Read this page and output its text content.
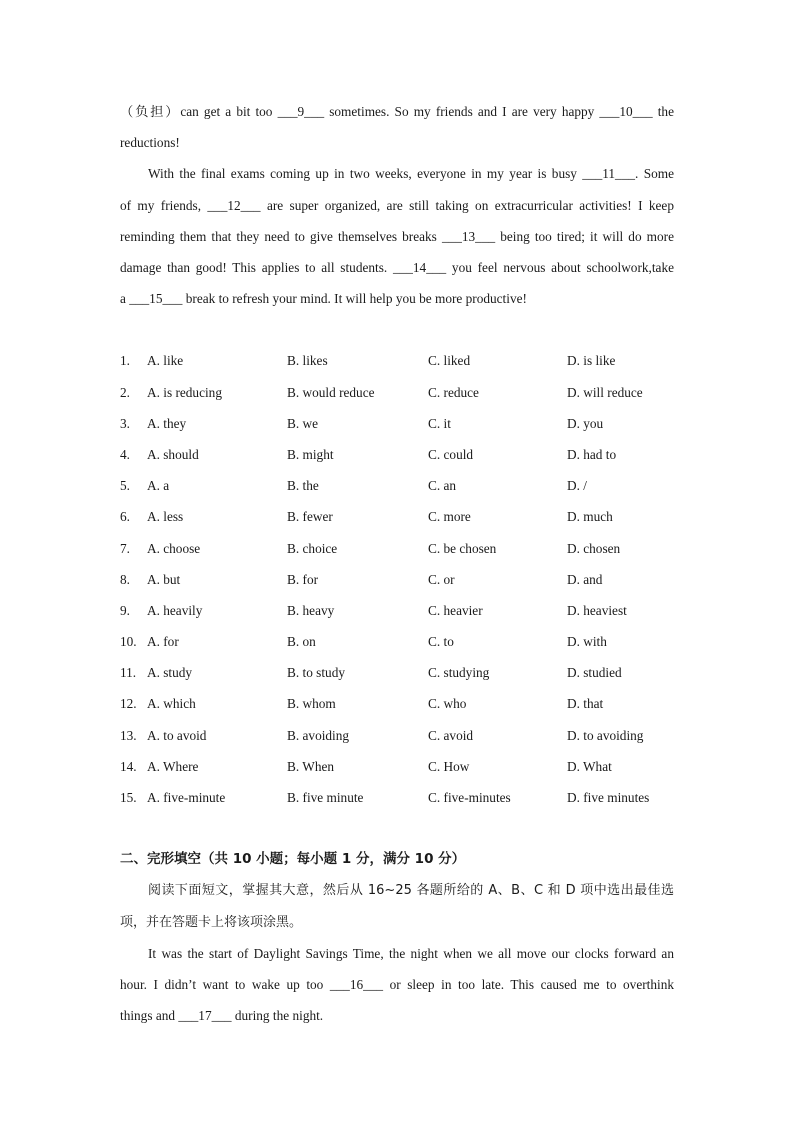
（负担）can get a bit too ___9___ sometimes. So my friends and I are very happy ___10___ the
reductions!

With the final exams coming up in two weeks, everyone in my year is busy ___11___. Some
of my friends, ___12___ are super organized, are still taking on extracurricular activities! I keep
reminding them that they need to give themselves breaks ___13___ being too tired; it will do more
damage than good! This applies to all students. ___14___ you feel nervous about schoolwork,take
a ___15___ break to refresh your mind. It will help you be more productive!

1.	A. like	B. likes	C. liked	D. is like
2.	A. is reducing	B. would reduce	C. reduce	D. will reduce
3.	A. they	B. we	C. it	D. you
4.	A. should	B. might	C. could	D. had to
5.	A. a	B. the	C. an	D. /
6.	A. less	B. fewer	C. more	D. much
7.	A. choose	B. choice	C. be chosen	D. chosen
8.	A. but	B. for	C. or	D. and
9.	A. heavily	B. heavy	C. heavier	D. heaviest
10. A. for	B. on	C. to	D. with
11. A. study	B. to study	C. studying	D. studied
12. A. which	B. whom	C. who	D. that
13. A. to avoid	B. avoiding	C. avoid	D. to avoiding
14. A. Where	B. When	C. How	D. What
15. A. five-minute	B. five minute	C. five-minutes	D. five minutes
二、完形填空（共 10 小题；每小题 1 分，满分 10 分）

阅读下面短文，掌握其大意，然后从 16~25 各题所给的 A、B、C 和 D 项中选出最佳选
项，并在答题卡上将该项涂黑。

It was the start of Daylight Savings Time, the night when we all move our clocks forward an
hour. I didn’t want to wake up too ___16___ or sleep in too late. This caused me to overthink
things and ___17___ during the night.
